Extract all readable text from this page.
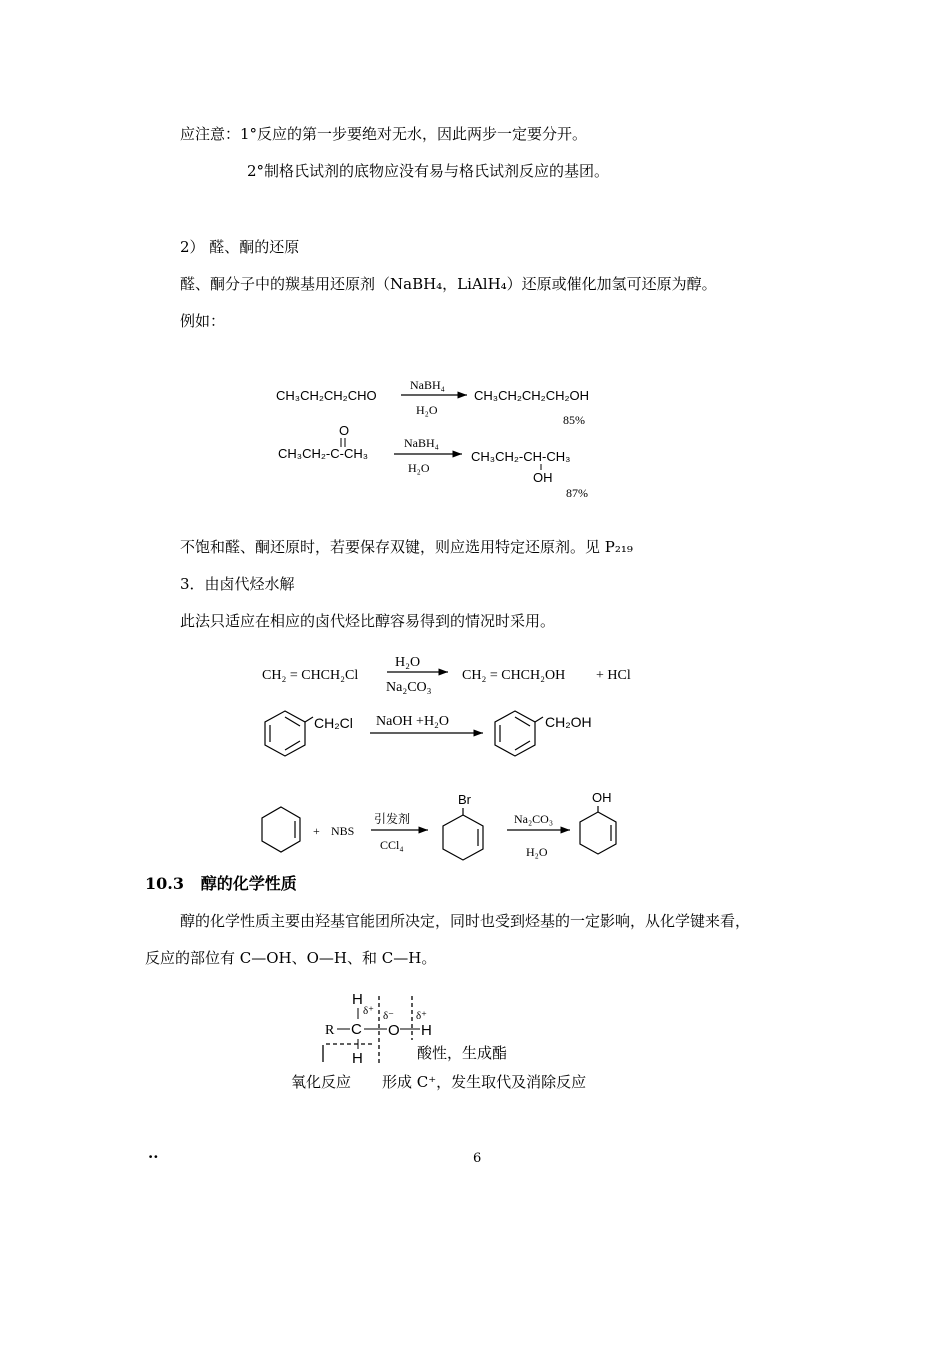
应注意：1°反应的第一步要绝对无水，因此两步一定要分开。
2°制格氏试剂的底物应没有易与格氏试剂反应的基团。
2） 醛、酮的还原
醛、酮分子中的羰基用还原剂（NaBH₄，LiAlH₄）还原或催化加氢可还原为醇。
例如：
不饱和醛、酮还原时，若要保存双键，则应选用特定还原剂。见 P₂₁₉
3．由卤代烃水解
此法只适应在相应的卤代烃比醇容易得到的情况时采用。
10.3 醇的化学性质
醇的化学性质主要由羟基官能团所决定，同时也受到烃基的一定影响，从化学键来看，
反应的部位有 C—OH、O—H、和 C—H。
..	6
CH₃CH₂CH₂CHO
NaBH₄
H₂O
CH₃CH₂CH₂CH₂OH
85%
O
CH₃CH₂-C-CH₃
NaBH₄
H₂O
CH₃CH₂-CH-CH₃
OH
87%
CH₂ = CHCH₂Cl
H₂O
Na₂CO₃
CH₂ = CHCH₂OH + HCl
CH₂Cl NaOH +H₂O	CH₂OH
+ NBS
引发剂
CCl₄
Br
Na₂CO₃
H₂O
OH
H
δ⁺ δ⁻ δ⁺
R C O H
H	酸性，生成酯
氧化反应 形成 C⁺，发生取代及消除反应
